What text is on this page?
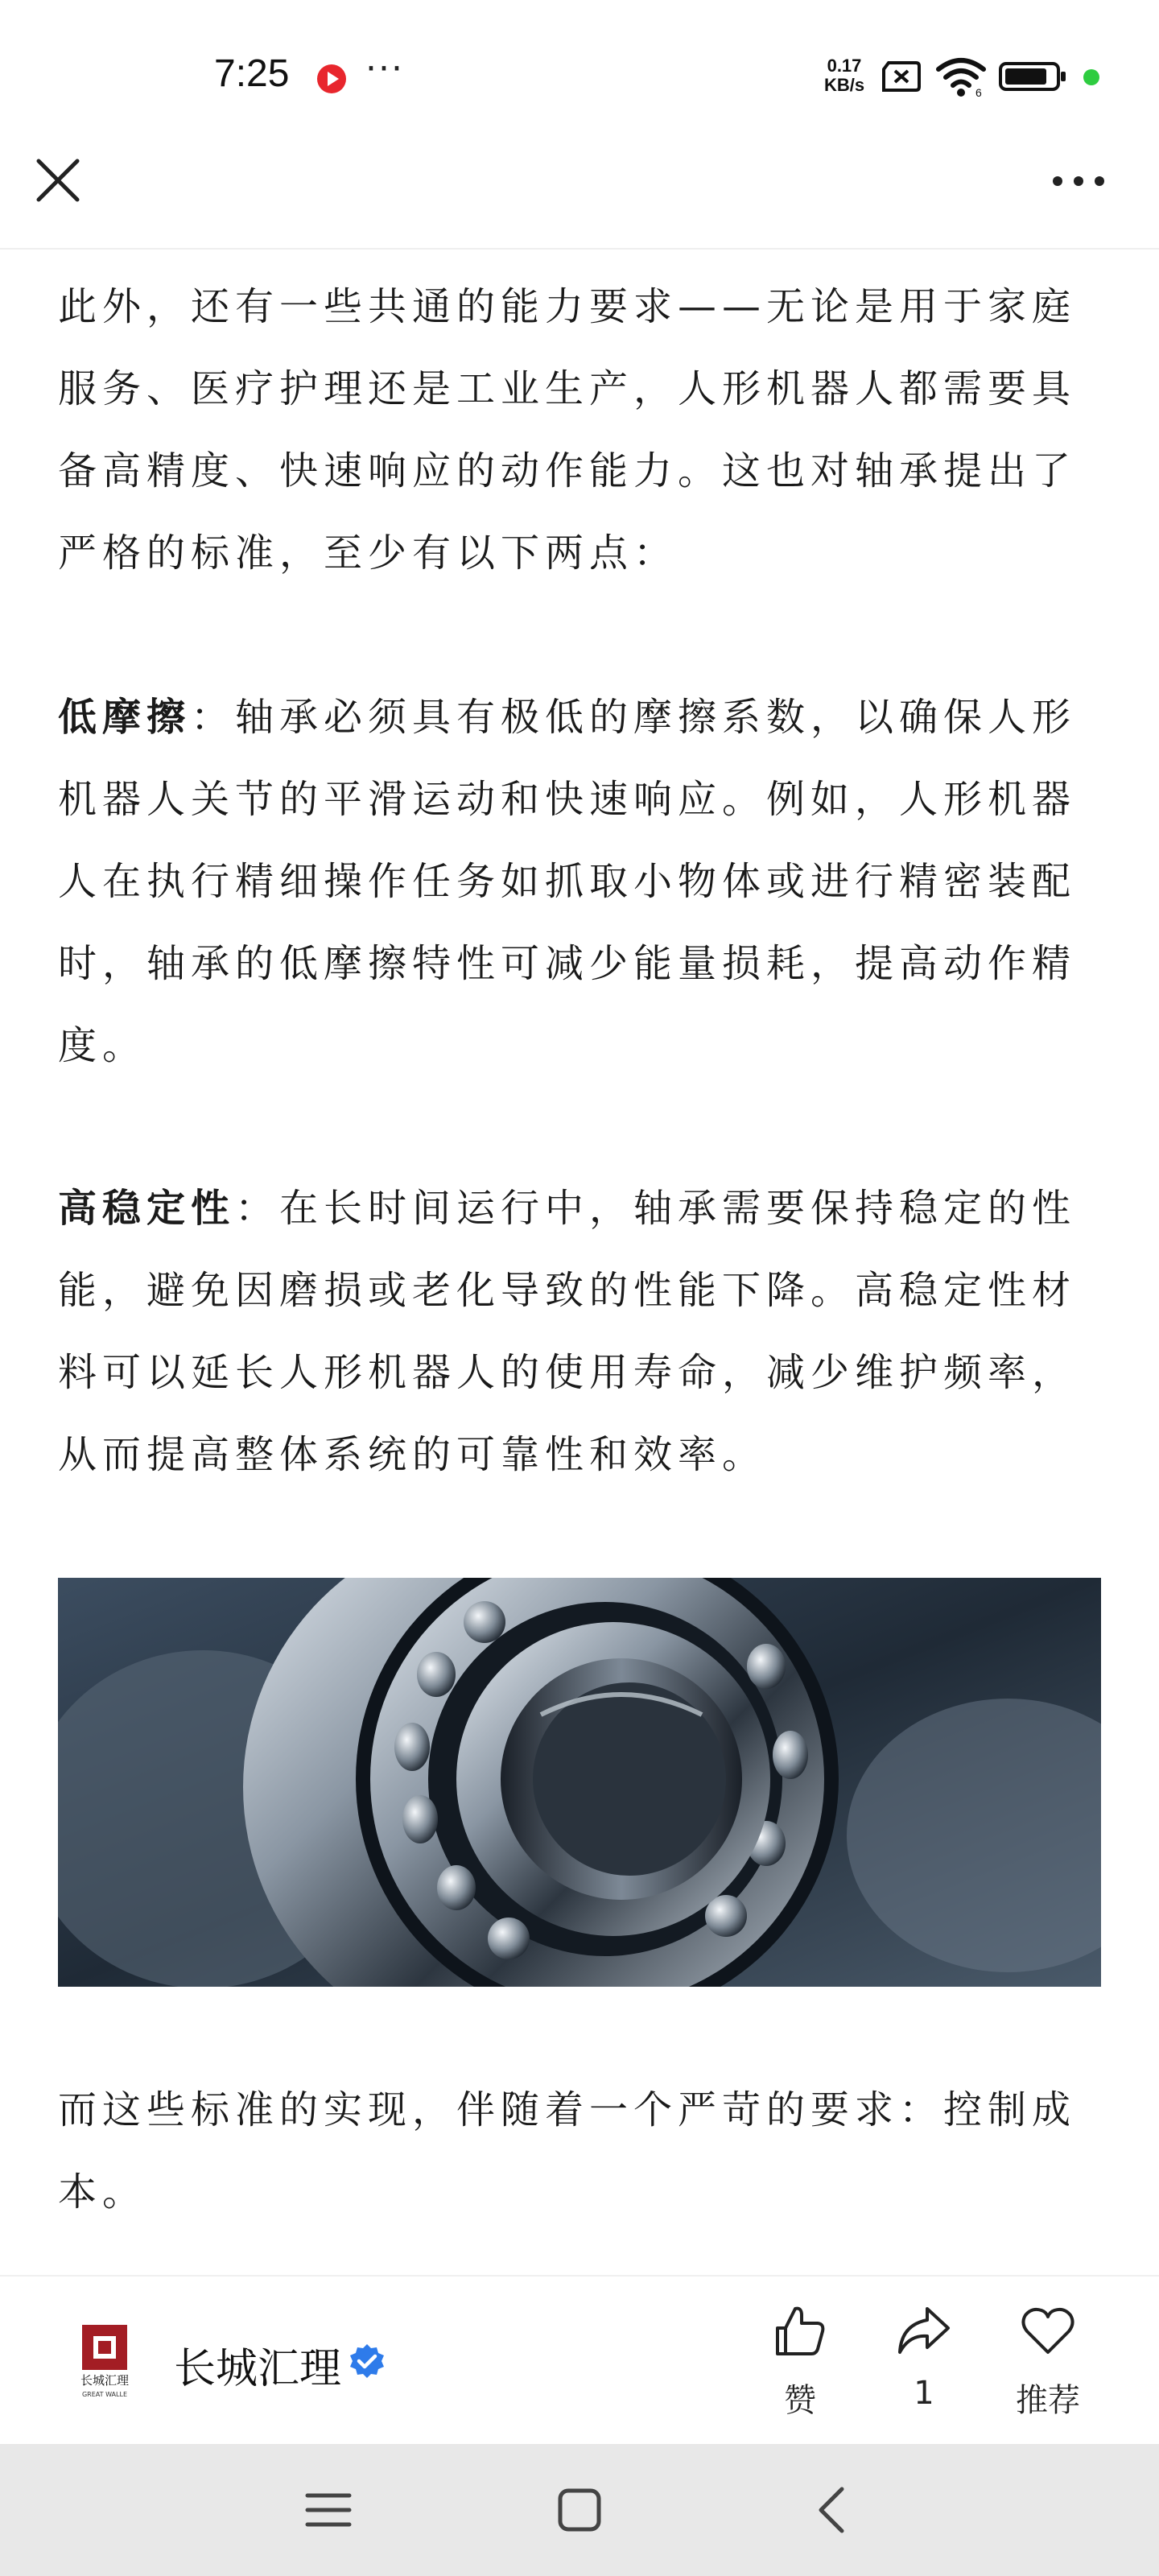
7:25 ···	0.17
KB/s	6

此外，还有一些共通的能力要求——无论是用于家庭服务、医疗护理还是工业生产，人形机器人都需要具备高精度、快速响应的动作能力。这也对轴承提出了严格的标准，至少有以下两点：

低摩擦：轴承必须具有极低的摩擦系数，以确保人形机器人关节的平滑运动和快速响应。例如，人形机器人在执行精细操作任务如抓取小物体或进行精密装配时，轴承的低摩擦特性可减少能量损耗，提高动作精度。

高稳定性：在长时间运行中，轴承需要保持稳定的性能，避免因磨损或老化导致的性能下降。高稳定性材料可以延长人形机器人的使用寿命，减少维护频率，从而提高整体系统的可靠性和效率。

而这些标准的实现，伴随着一个严苛的要求：控制成本。

长城汇理
GREAT WALLE
长城汇理
赞	1	推荐
